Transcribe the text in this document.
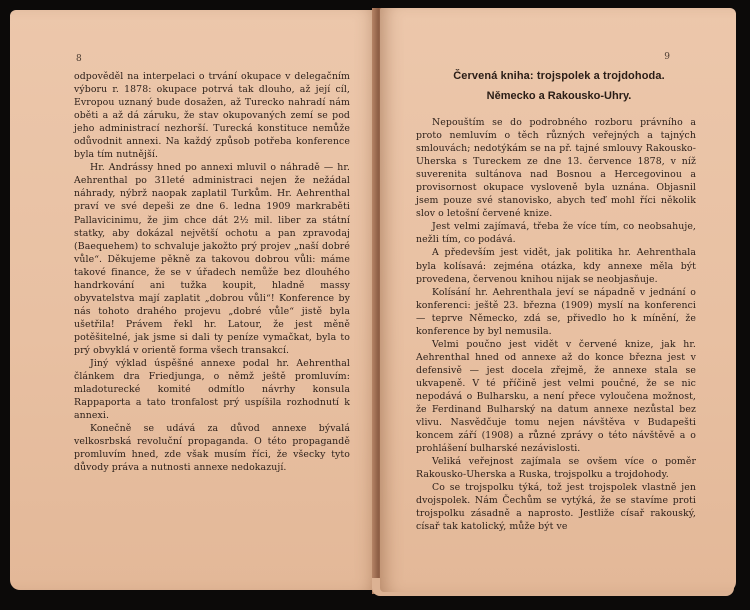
8

odpověděl na interpelaci o trvání okupace v delegačním výboru r. 1878: okupace potrvá tak dlouho, až její cíl, Evropou uznaný bude dosažen, až Turecko nahradí nám oběti a až dá záruku, že stav okupovaných zemí se pod jeho administrací nezhorší. Turecká konstituce nemůže odůvodnit annexi. Na každý způsob potřeba konference byla tím nutnější.

Hr. Andrássy hned po annexi mluvil o náhradě — hr. Aehrenthal po 31leté administraci nejen že nežádal náhrady, nýbrž naopak zaplatil Turkům. Hr. Aehrenthal praví ve své depeši ze dne 6. ledna 1909 markraběti Pallavicinimu, že jim chce dát 2½ mil. liber za státní statky, aby dokázal největší ochotu a pan zpravodaj (Baequehem) to schvaluje jakožto prý projev „naší dobré vůle“. Děkujeme pěkně za takovou dobrou vůli: máme takové finance, že se v úřadech nemůže bez dlouhého handrkování ani tužka koupit, hladně massy obyvatelstva mají zaplatit „dobrou vůli“! Konference by nás tohoto drahého projevu „dobré vůle“ jistě byla ušetřila! Právem řekl hr. Latour, že jest měně potěšitelné, jak jsme si dali ty peníze vymačkat, byla to prý obvyklá v orientě forma všech transakcí.

Jiný výklad úspěšné annexe podal hr. Aehrenthal článkem dra Friedjunga, o němž ještě promluvím: mladoturecké komité odmítlo návrhy konsula Rappaporta a tato tronfalost prý uspíšila rozhodnutí k annexi.

Konečně se udává za důvod annexe bývalá velkosrbská revoluční propaganda. O této propagandě promluvím hned, zde však musím říci, že všecky tyto důvody práva a nutnosti annexe nedokazují.

9
Červená kniha: trojspolek a trojdohoda.
Německo a Rakousko-Uhry.

Nepouštím se do podrobného rozboru právního a proto nemluvím o těch různých veřejných a tajných smlouvách; nedotýkám se na př. tajné smlouvy Rakousko-Uherska s Tureckem ze dne 13. července 1878, v níž suverenita sultánova nad Bosnou a Hercegovinou a provisornost okupace vysloveně byla uznána. Objasnil jsem pouze své stanovisko, abych teď mohl říci několik slov o letošní červené knize.

Jest velmi zajímavá, třeba že více tím, co neobsahuje, nežli tím, co podává.

A především jest vidět, jak politika hr. Aehrenthala byla kolísavá: zejména otázka, kdy annexe měla být provedena, červenou knihou nijak se neobjasňuje.

Kolísání hr. Aehrenthala jeví se nápadně v jednání o konferenci: ještě 23. března (1909) myslí na konferenci — teprve Německo, zdá se, přivedlo ho k mínění, že konference by byl nemusila.

Velmi poučno jest vidět v červené knize, jak hr. Aehrenthal hned od annexe až do konce března jest v defensivě — jest docela zřejmě, že annexe stala se ukvapeně. V té příčině jest velmi poučné, že se nic nepodává o Bulharsku, a není přece vyloučena možnost, že Ferdinand Bulharský na datum annexe nezůstal bez vlivu. Nasvědčuje tomu nejen návštěva v Budapešti koncem září (1908) a různé zprávy o této návštěvě a o prohlášení bulharské nezávislosti.

Veliká veřejnost zajímala se ovšem více o poměr Rakousko-Uherska a Ruska, trojspolku a trojdohody.

Co se trojspolku týká, tož jest trojspolek vlastně jen dvojspolek. Nám Čechům se vytýká, že se stavíme proti trojspolku zásadně a naprosto. Jestliže císař rakouský, císař tak katolický, může být ve
